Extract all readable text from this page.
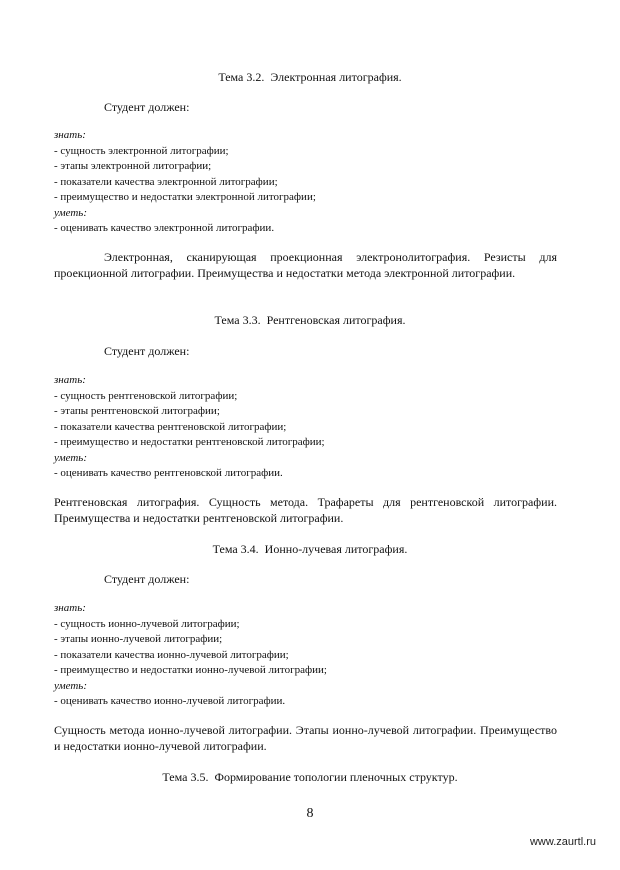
Тема 3.2.  Электронная литография.
Студент должен:
знать:
- сущность электронной литографии;
- этапы электронной литографии;
- показатели качества электронной литографии;
- преимущество и недостатки электронной литографии;
уметь:
- оценивать качество электронной литографии.
Электронная, сканирующая проекционная электронолитография. Резисты для проекционной литографии. Преимущества и недостатки метода электронной литографии.
Тема 3.3.  Рентгеновская литография.
Студент должен:
знать:
- сущность рентгеновской литографии;
- этапы рентгеновской литографии;
- показатели качества рентгеновской литографии;
- преимущество и недостатки рентгеновской литографии;
уметь:
- оценивать качество рентгеновской литографии.
Рентгеновская литография. Сущность метода. Трафареты для рентгеновской литографии. Преимущества и недостатки рентгеновской литографии.
Тема 3.4.  Ионно-лучевая литография.
Студент должен:
знать:
- сущность ионно-лучевой литографии;
- этапы ионно-лучевой литографии;
- показатели качества ионно-лучевой литографии;
- преимущество и недостатки ионно-лучевой литографии;
уметь:
- оценивать качество ионно-лучевой литографии.
Сущность метода ионно-лучевой литографии. Этапы ионно-лучевой литографии. Преимущество и недостатки ионно-лучевой литографии.
Тема 3.5.  Формирование топологии пленочных структур.
8
www.zaurtl.ru
